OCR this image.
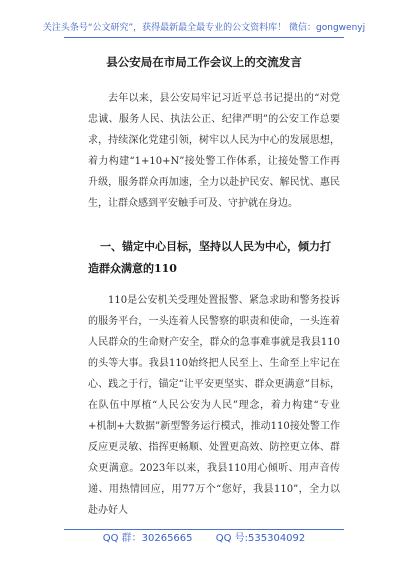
关注头条号“公文研究”，获得最新最全最专业的公文资料库！ 微信：gongwenyj
县公安局在市局工作会议上的交流发言

去年以来，县公安局牢记习近平总书记提出的“对党忠诚、服务人民、执法公正、纪律严明”的公安工作总要求，持续深化党建引领，树牢以人民为中心的发展思想，着力构建“1+10+N”接处警工作体系，让接处警工作再升级，服务群众再加速，全力以赴护民安、解民忧、惠民生，让群众感到平安触手可及、守护就在身边。

一、锚定中心目标，坚持以人民为中心，倾力打造群众满意的110

110是公安机关受理处置报警、紧急求助和警务投诉的服务平台，一头连着人民警察的职责和使命，一头连着人民群众的生命财产安全，群众的急事难事就是我县110的头等大事。我县110始终把人民至上、生命至上牢记在心、践之于行，锚定“让平安更坚实、群众更满意”目标，在队伍中厚植“人民公安为人民”理念，着力构建“专业+机制+大数据”新型警务运行模式，推动110接处警工作反应更灵敏、指挥更畅顺、处置更高效、防控更立体、群众更满意。2023年以来，我县110用心倾听、用声音传递、用热情回应，用77万个“您好，我县110”，全力以赴办好人

QQ 群：30265665 QQ 号:535304092
